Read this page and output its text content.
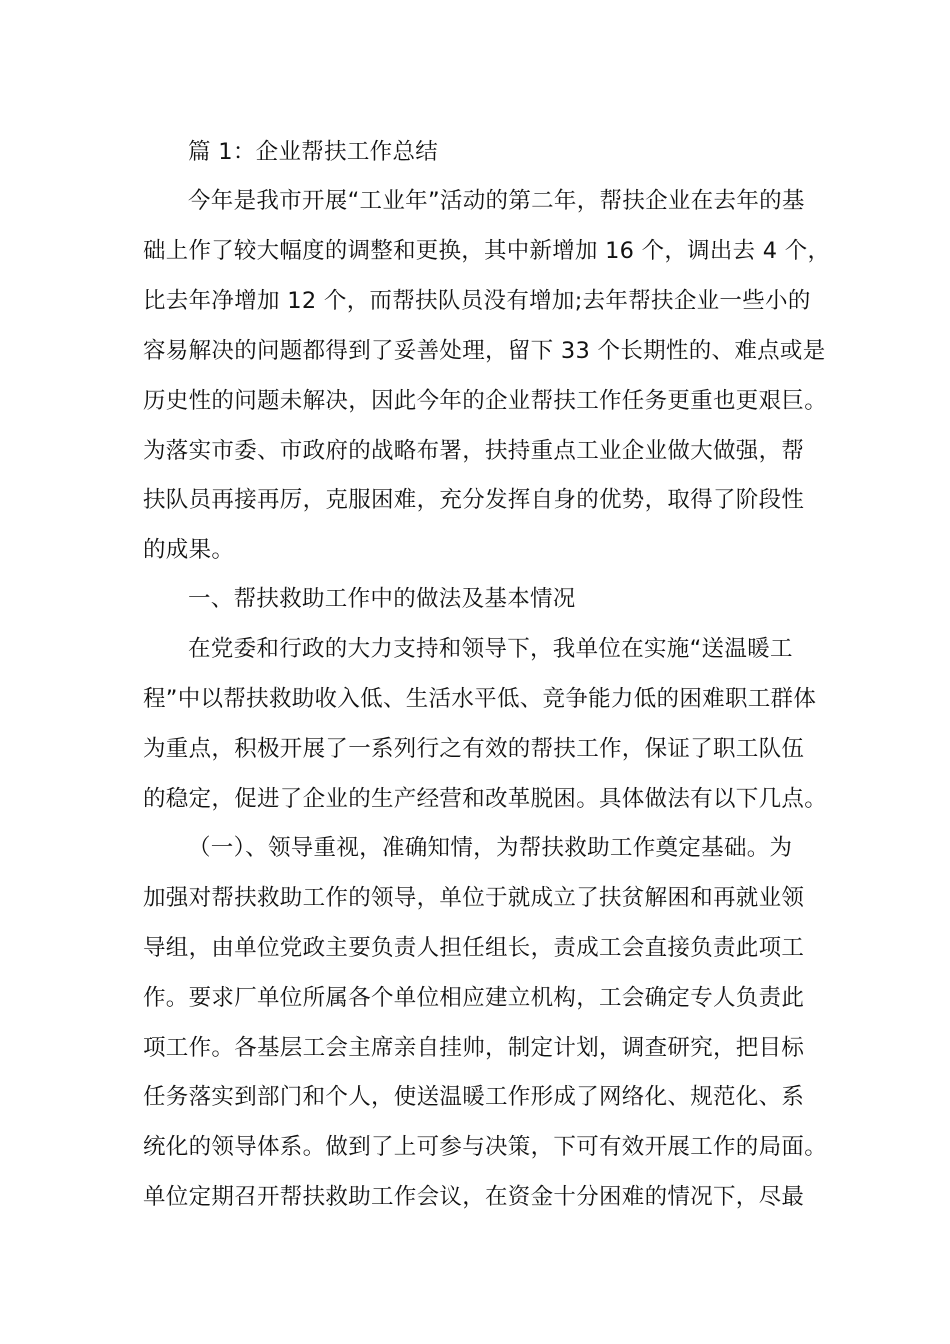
篇 1：企业帮扶工作总结
今年是我市开展“工业年”活动的第二年，帮扶企业在去年的基
础上作了较大幅度的调整和更换，其中新增加 16 个，调出去 4 个，
比去年净增加 12 个，而帮扶队员没有增加;去年帮扶企业一些小的
容易解决的问题都得到了妥善处理，留下 33 个长期性的、难点或是
历史性的问题未解决，因此今年的企业帮扶工作任务更重也更艰巨。
为落实市委、市政府的战略布署，扶持重点工业企业做大做强，帮
扶队员再接再厉，克服困难，充分发挥自身的优势，取得了阶段性
的成果。
一、帮扶救助工作中的做法及基本情况
在党委和行政的大力支持和领导下，我单位在实施“送温暖工
程”中以帮扶救助收入低、生活水平低、竞争能力低的困难职工群体
为重点，积极开展了一系列行之有效的帮扶工作，保证了职工队伍
的稳定，促进了企业的生产经营和改革脱困。具体做法有以下几点。
（一）、领导重视，准确知情，为帮扶救助工作奠定基础。为
加强对帮扶救助工作的领导，单位于就成立了扶贫解困和再就业领
导组，由单位党政主要负责人担任组长，责成工会直接负责此项工
作。要求厂单位所属各个单位相应建立机构，工会确定专人负责此
项工作。各基层工会主席亲自挂帅，制定计划，调查研究，把目标
任务落实到部门和个人，使送温暖工作形成了网络化、规范化、系
统化的领导体系。做到了上可参与决策，下可有效开展工作的局面。
单位定期召开帮扶救助工作会议，在资金十分困难的情况下，尽最
